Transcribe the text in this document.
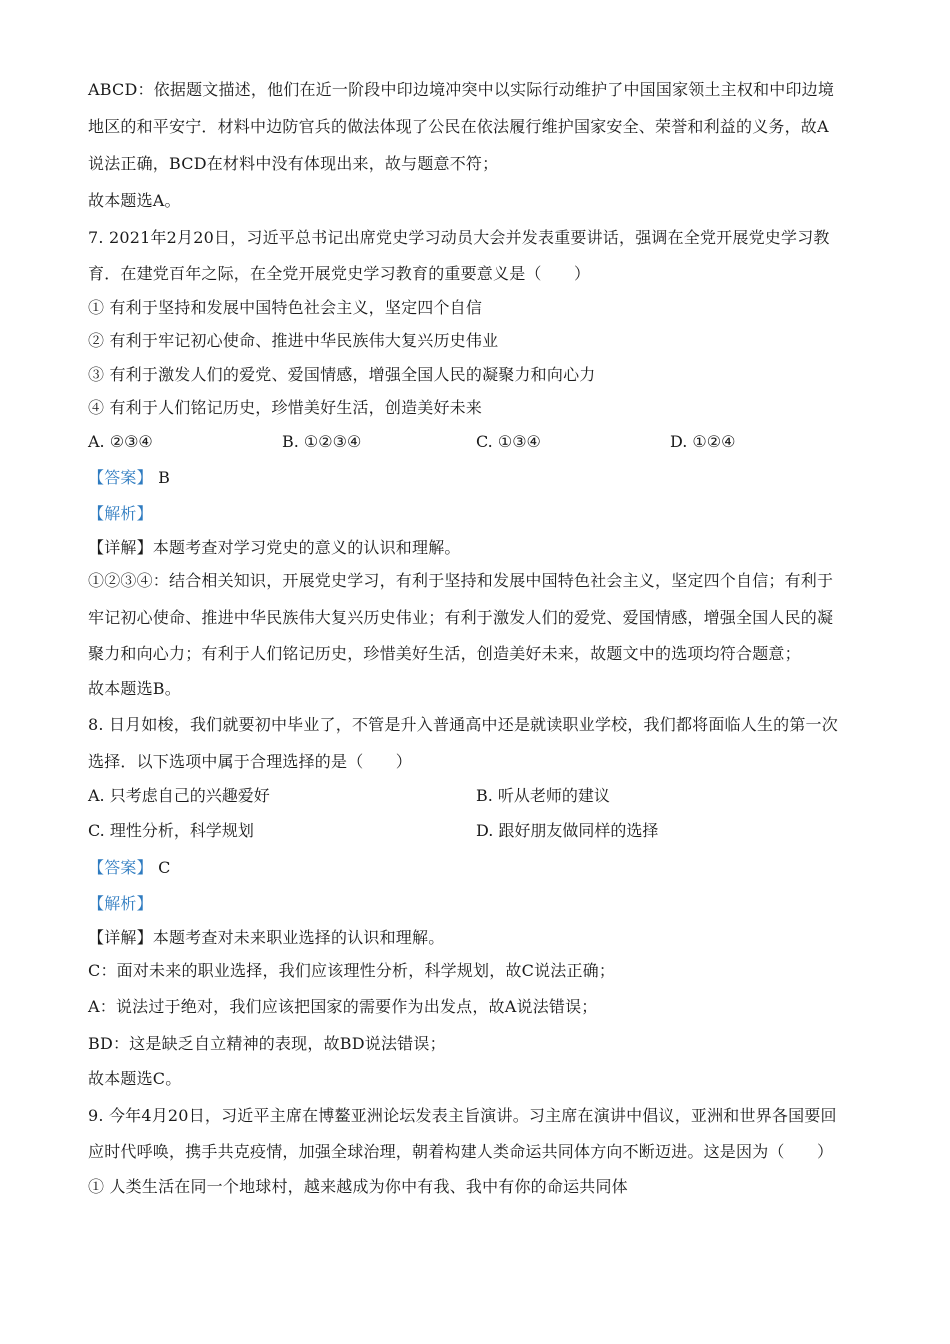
ABCD：依据题文描述，他们在近一阶段中印边境冲突中以实际行动维护了中国国家领土主权和中印边境
地区的和平安宁．材料中边防官兵的做法体现了公民在依法履行维护国家安全、荣誉和利益的义务，故A
说法正确，BCD在材料中没有体现出来，故与题意不符；
故本题选A。
7. 2021年2月20日，习近平总书记出席党史学习动员大会并发表重要讲话，强调在全党开展党史学习教
育．在建党百年之际，在全党开展党史学习教育的重要意义是（　　）
① 有利于坚持和发展中国特色社会主义，坚定四个自信
② 有利于牢记初心使命、推进中华民族伟大复兴历史伟业
③ 有利于激发人们的爱党、爱国情感，增强全国人民的凝聚力和向心力
④ 有利于人们铭记历史，珍惜美好生活，创造美好未来
A. ②③④	B. ①②③④	C. ①③④	D. ①②④
【答案】 B
【解析】
【详解】本题考查对学习党史的意义的认识和理解。
①②③④：结合相关知识，开展党史学习，有利于坚持和发展中国特色社会主义，坚定四个自信；有利于
牢记初心使命、推进中华民族伟大复兴历史伟业；有利于激发人们的爱党、爱国情感，增强全国人民的凝
聚力和向心力；有利于人们铭记历史，珍惜美好生活，创造美好未来，故题文中的选项均符合题意；
故本题选B。
8. 日月如梭，我们就要初中毕业了，不管是升入普通高中还是就读职业学校，我们都将面临人生的第一次
选择．以下选项中属于合理选择的是（　　）
A. 只考虑自己的兴趣爱好	B. 听从老师的建议
C. 理性分析，科学规划	D. 跟好朋友做同样的选择
【答案】 C
【解析】
【详解】本题考查对未来职业选择的认识和理解。
C：面对未来的职业选择，我们应该理性分析，科学规划，故C说法正确；
A：说法过于绝对，我们应该把国家的需要作为出发点，故A说法错误；
BD：这是缺乏自立精神的表现，故BD说法错误；
故本题选C。
9. 今年4月20日，习近平主席在博鳌亚洲论坛发表主旨演讲。习主席在演讲中倡议，亚洲和世界各国要回
应时代呼唤，携手共克疫情，加强全球治理，朝着构建人类命运共同体方向不断迈进。这是因为（　　）
① 人类生活在同一个地球村，越来越成为你中有我、我中有你的命运共同体
